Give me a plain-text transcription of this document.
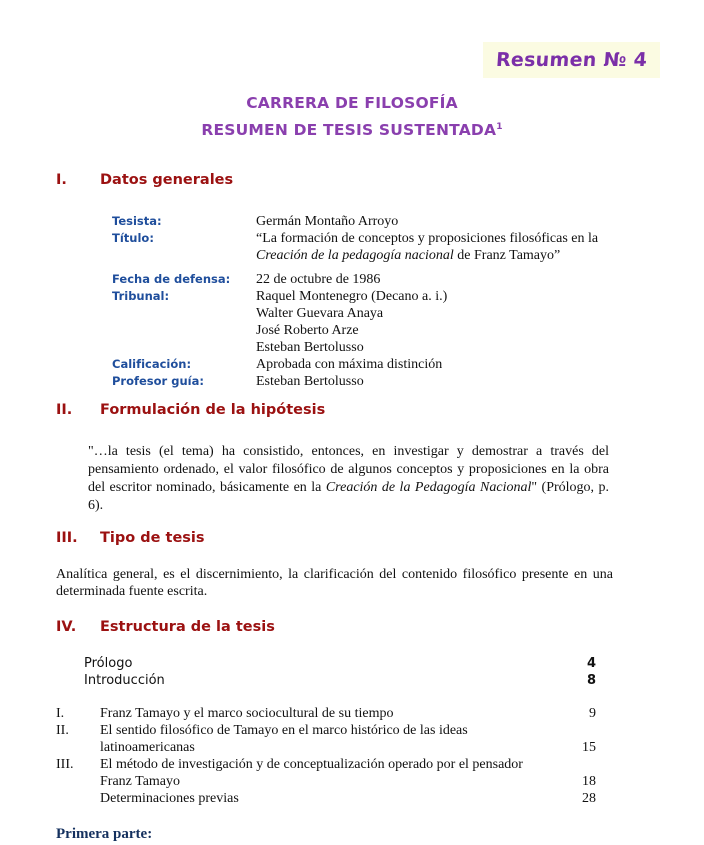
Resumen № 4
CARRERA DE FILOSOFÍA
RESUMEN DE TESIS SUSTENTADA$^1$
I. Datos generales
Tesista:	Germán Montaño Arroyo
Título:	“La formación de conceptos y proposiciones filosóficas en la Creación de la pedagogía nacional de Franz Tamayo”
Fecha de defensa:	22 de octubre de 1986
Tribunal:	Raquel Montenegro (Decano a. i.)
Walter Guevara Anaya
José Roberto Arze
Esteban Bertolusso
Calificación:	Aprobada con máxima distinción
Profesor guía:	Esteban Bertolusso
II. Formulación de la hipótesis
"…la tesis (el tema) ha consistido, entonces, en investigar y demostrar a través del pensamiento ordenado, el valor filosófico de algunos conceptos y proposiciones en la obra del escritor nominado, básicamente en la Creación de la Pedagogía Nacional" (Prólogo, p. 6).
III. Tipo de tesis
Analítica general, es el discernimiento, la clarificación del contenido filosófico presente en una determinada fuente escrita.
IV. Estructura de la tesis
Prólogo	4
Introducción	8
I.	Franz Tamayo y el marco sociocultural de su tiempo	9
II.	El sentido filosófico de Tamayo en el marco histórico de las ideas
latinoamericanas	15
III.	El método de investigación y de conceptualización operado por el pensador
Franz Tamayo	18
Determinaciones previas	28
Primera parte:
